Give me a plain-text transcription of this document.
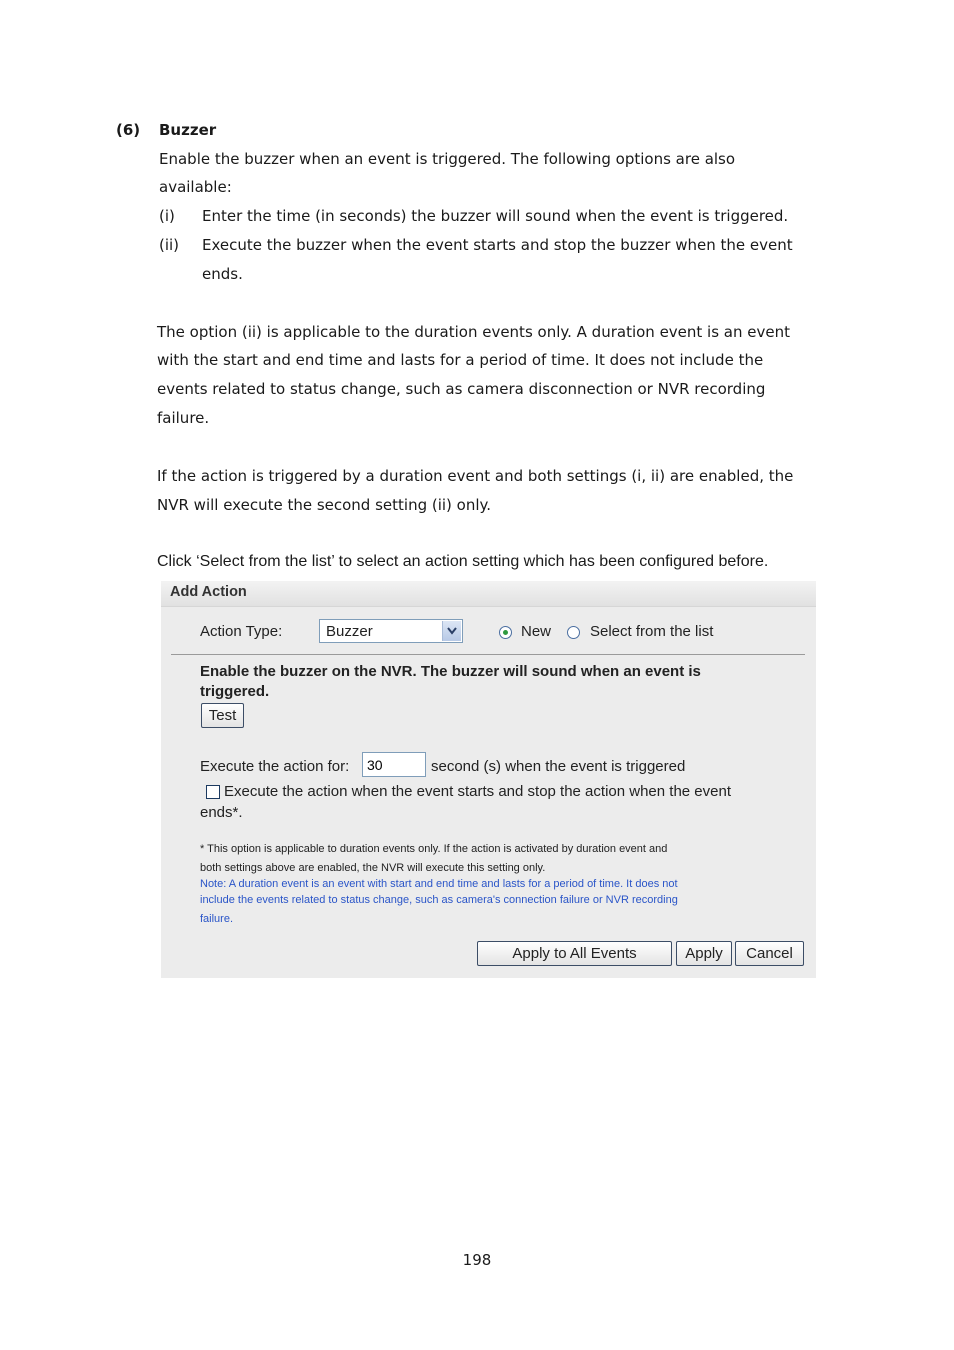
(6) Buzzer
Enable the buzzer when an event is triggered. The following options are also
available:
(i) Enter the time (in seconds) the buzzer will sound when the event is triggered.
(ii) Execute the buzzer when the event starts and stop the buzzer when the event
ends.
The option (ii) is applicable to the duration events only. A duration event is an event
with the start and end time and lasts for a period of time. It does not include the
events related to status change, such as camera disconnection or NVR recording
failure.
If the action is triggered by a duration event and both settings (i, ii) are enabled, the
NVR will execute the second setting (ii) only.
Click ‘Select from the list’ to select an action setting which has been configured before.
Add Action
Action Type:	Buzzer	New	Select from the list
Enable the buzzer on the NVR. The buzzer will sound when an event is
triggered.
Test
Execute the action for:
30	second (s) when the event is triggered
Execute the action when the event starts and stop the action when the event
ends*.
* This option is applicable to duration events only. If the action is activated by duration event and
both settings above are enabled, the NVR will execute this setting only.
Note: A duration event is an event with start and end time and lasts for a period of time. It does not
include the events related to status change, such as camera's connection failure or NVR recording
failure.
Apply to All Events	Apply	Cancel
198
